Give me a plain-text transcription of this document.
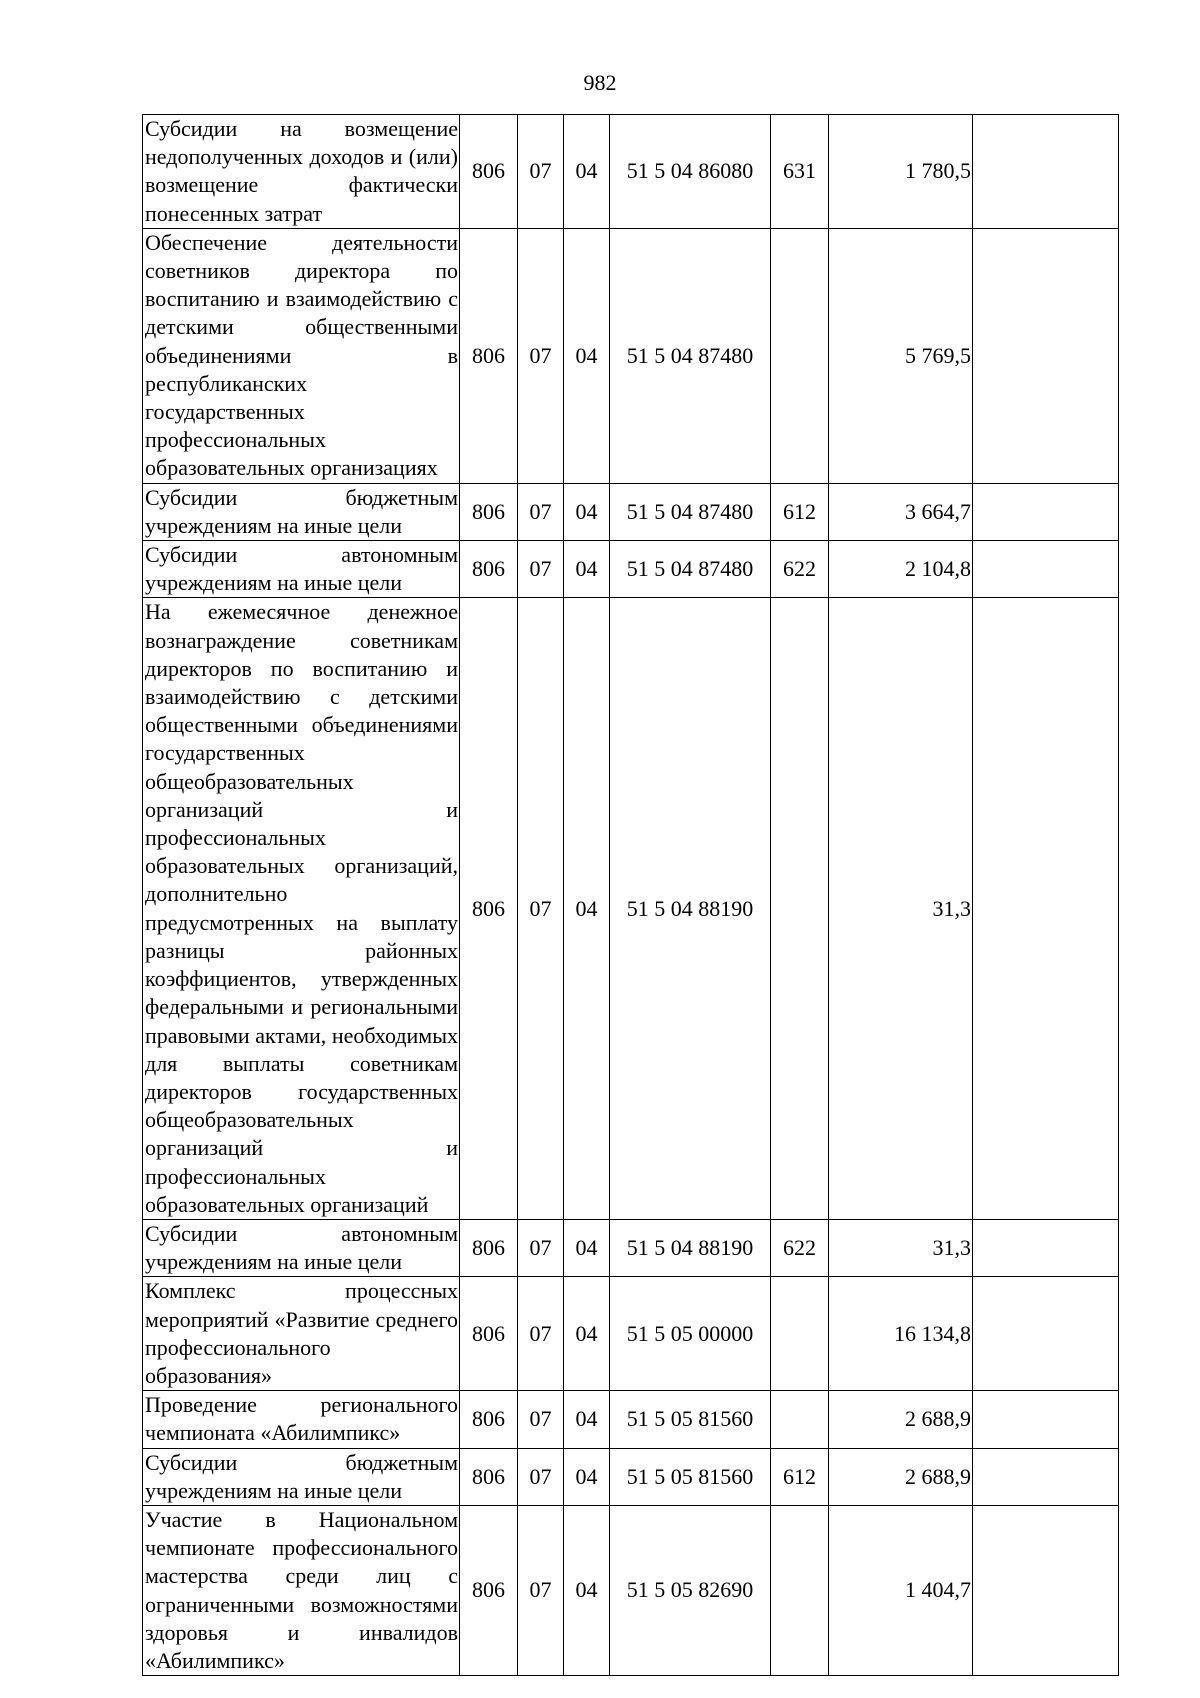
982
Субсидии на возмещение недополученных доходов и (или) возмещение фактически понесенных затрат	806	07	04	51 5 04 86080	631	1 780,5	
Обеспечение деятельности советников директора по воспитанию и взаимодействию с детскими общественными объединениями в республиканских государственных профессиональных образовательных организациях	806	07	04	51 5 04 87480		5 769,5	
Субсидии бюджетным учреждениям на иные цели	806	07	04	51 5 04 87480	612	3 664,7	
Субсидии автономным учреждениям на иные цели	806	07	04	51 5 04 87480	622	2 104,8	
На ежемесячное денежное вознаграждение советникам директоров по воспитанию и взаимодействию с детскими общественными объединениями государственных общеобразовательных организаций и профессиональных образовательных организаций, дополнительно предусмотренных на выплату разницы районных коэффициентов, утвержденных федеральными и региональными правовыми актами, необходимых для выплаты советникам директоров государственных общеобразовательных организаций и профессиональных образовательных организаций	806	07	04	51 5 04 88190		31,3	
Субсидии автономным учреждениям на иные цели	806	07	04	51 5 04 88190	622	31,3	
Комплекс процессных мероприятий «Развитие среднего профессионального образования»	806	07	04	51 5 05 00000		16 134,8	
Проведение регионального чемпионата «Абилимпикс»	806	07	04	51 5 05 81560		2 688,9	
Субсидии бюджетным учреждениям на иные цели	806	07	04	51 5 05 81560	612	2 688,9	
Участие в Национальном чемпионате профессионального мастерства среди лиц с ограниченными возможностями здоровья и инвалидов «Абилимпикс»	806	07	04	51 5 05 82690		1 404,7	
